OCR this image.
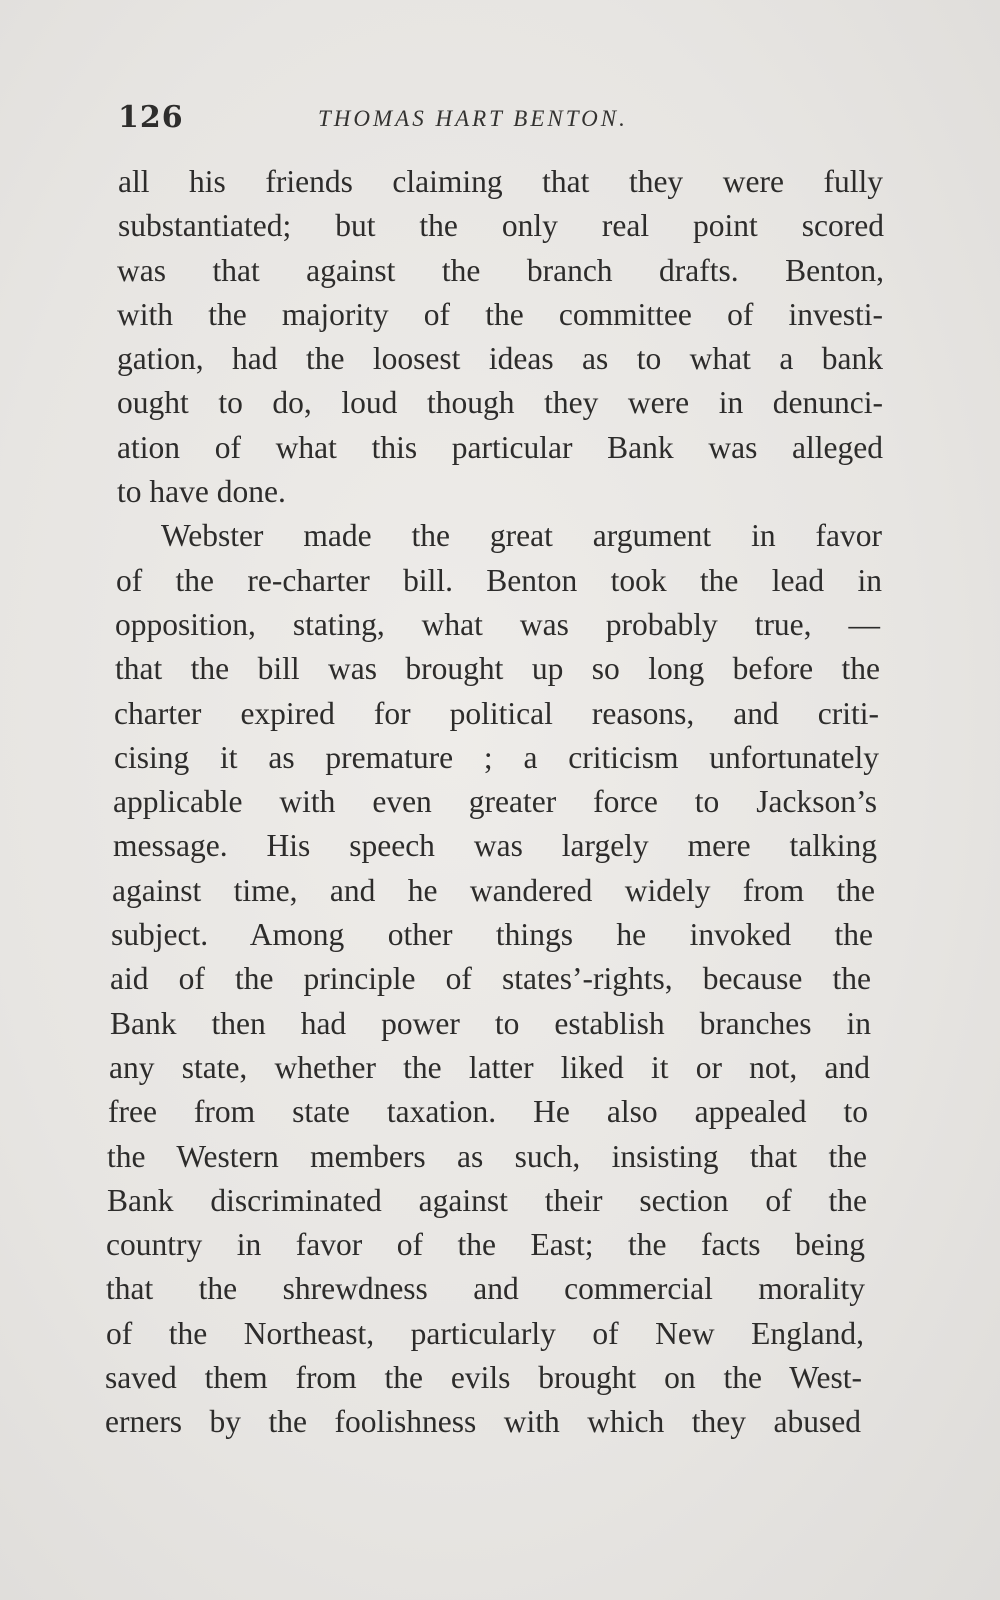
126	THOMAS HART BENTON.
all his friends claiming that they were fully
substantiated; but the only real point scored
was that against the branch drafts. Benton,
with the majority of the committee of investi-
gation, had the loosest ideas as to what a bank
ought to do, loud though they were in denunci-
ation of what this particular Bank was alleged
to have done.
Webster made the great argument in favor
of the re-charter bill. Benton took the lead in
opposition, stating, what was probably true, —
that the bill was brought up so long before the
charter expired for political reasons, and criti-
cising it as premature ; a criticism unfortunately
applicable with even greater force to Jackson’s
message. His speech was largely mere talking
against time, and he wandered widely from the
subject. Among other things he invoked the
aid of the principle of states’-rights, because the
Bank then had power to establish branches in
any state, whether the latter liked it or not, and
free from state taxation. He also appealed to
the Western members as such, insisting that the
Bank discriminated against their section of the
country in favor of the East; the facts being
that the shrewdness and commercial morality
of the Northeast, particularly of New England,
saved them from the evils brought on the West-
erners by the foolishness with which they abused
